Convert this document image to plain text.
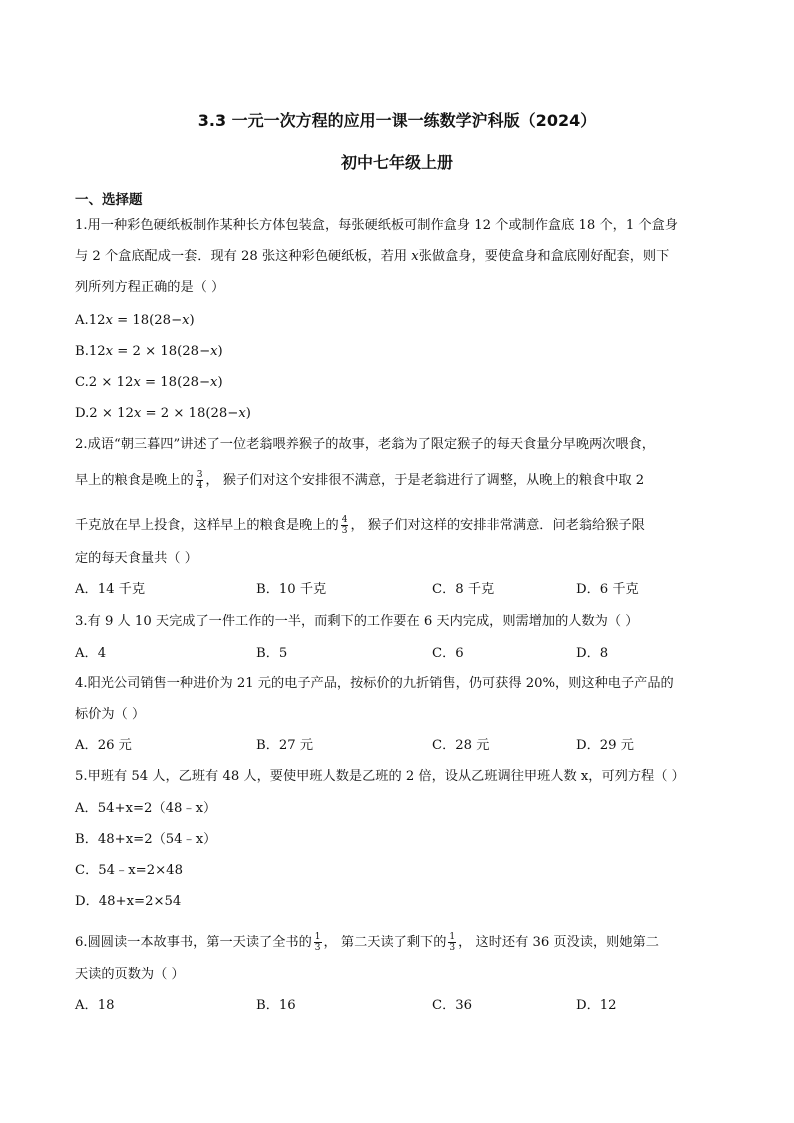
3.3 一元一次方程的应用一课一练数学沪科版（2024）
初中七年级上册
一、选择题
1.用一种彩色硬纸板制作某种长方体包装盒，每张硬纸板可制作盒身 12 个或制作盒底 18 个，1 个盒身
与 2 个盒底配成一套．现有 28 张这种彩色硬纸板，若用 𝑥张做盒身，要使盒身和盒底刚好配套，则下
列所列方程正确的是（ ）
A.12𝑥 = 18(28−𝑥)
B.12𝑥 = 2 × 18(28−𝑥)
C.2 × 12𝑥 = 18(28−𝑥)
D.2 × 12𝑥 = 2 × 18(28−𝑥)
2.成语“朝三暮四”讲述了一位老翁喂养猴子的故事，老翁为了限定猴子的每天食量分早晚两次喂食，
早上的粮食是晚上的 $\frac{3}{4}$ ， 猴子们对这个安排很不满意，于是老翁进行了调整，从晚上的粮食中取 2
千克放在早上投食，这样早上的粮食是晚上的 $\frac{4}{3}$ ， 猴子们对这样的安排非常满意．问老翁给猴子限
定的每天食量共（ ）
A．14 千克	B．10 千克	C．8 千克	D．6 千克
3.有 9 人 10 天完成了一件工作的一半，而剩下的工作要在 6 天内完成，则需增加的人数为（ ）
A．4	B．5	C．6	D．8
4.阳光公司销售一种进价为 21 元的电子产品，按标价的九折销售，仍可获得 20%，则这种电子产品的
标价为（ ）
A．26 元	B．27 元	C．28 元	D．29 元
5.甲班有 54 人，乙班有 48 人，要使甲班人数是乙班的 2 倍，设从乙班调往甲班人数 x，可列方程（ ）
A．54+x=2（48﹣x）
B．48+x=2（54﹣x）
C．54﹣x=2×48
D．48+x=2×54
6.圆圆读一本故事书，第一天读了全书的 $\frac{1}{3}$ ， 第二天读了剩下的 $\frac{1}{3}$ ， 这时还有 36 页没读，则她第二
天读的页数为（ ）
A．18	B．16	C．36	D．12
